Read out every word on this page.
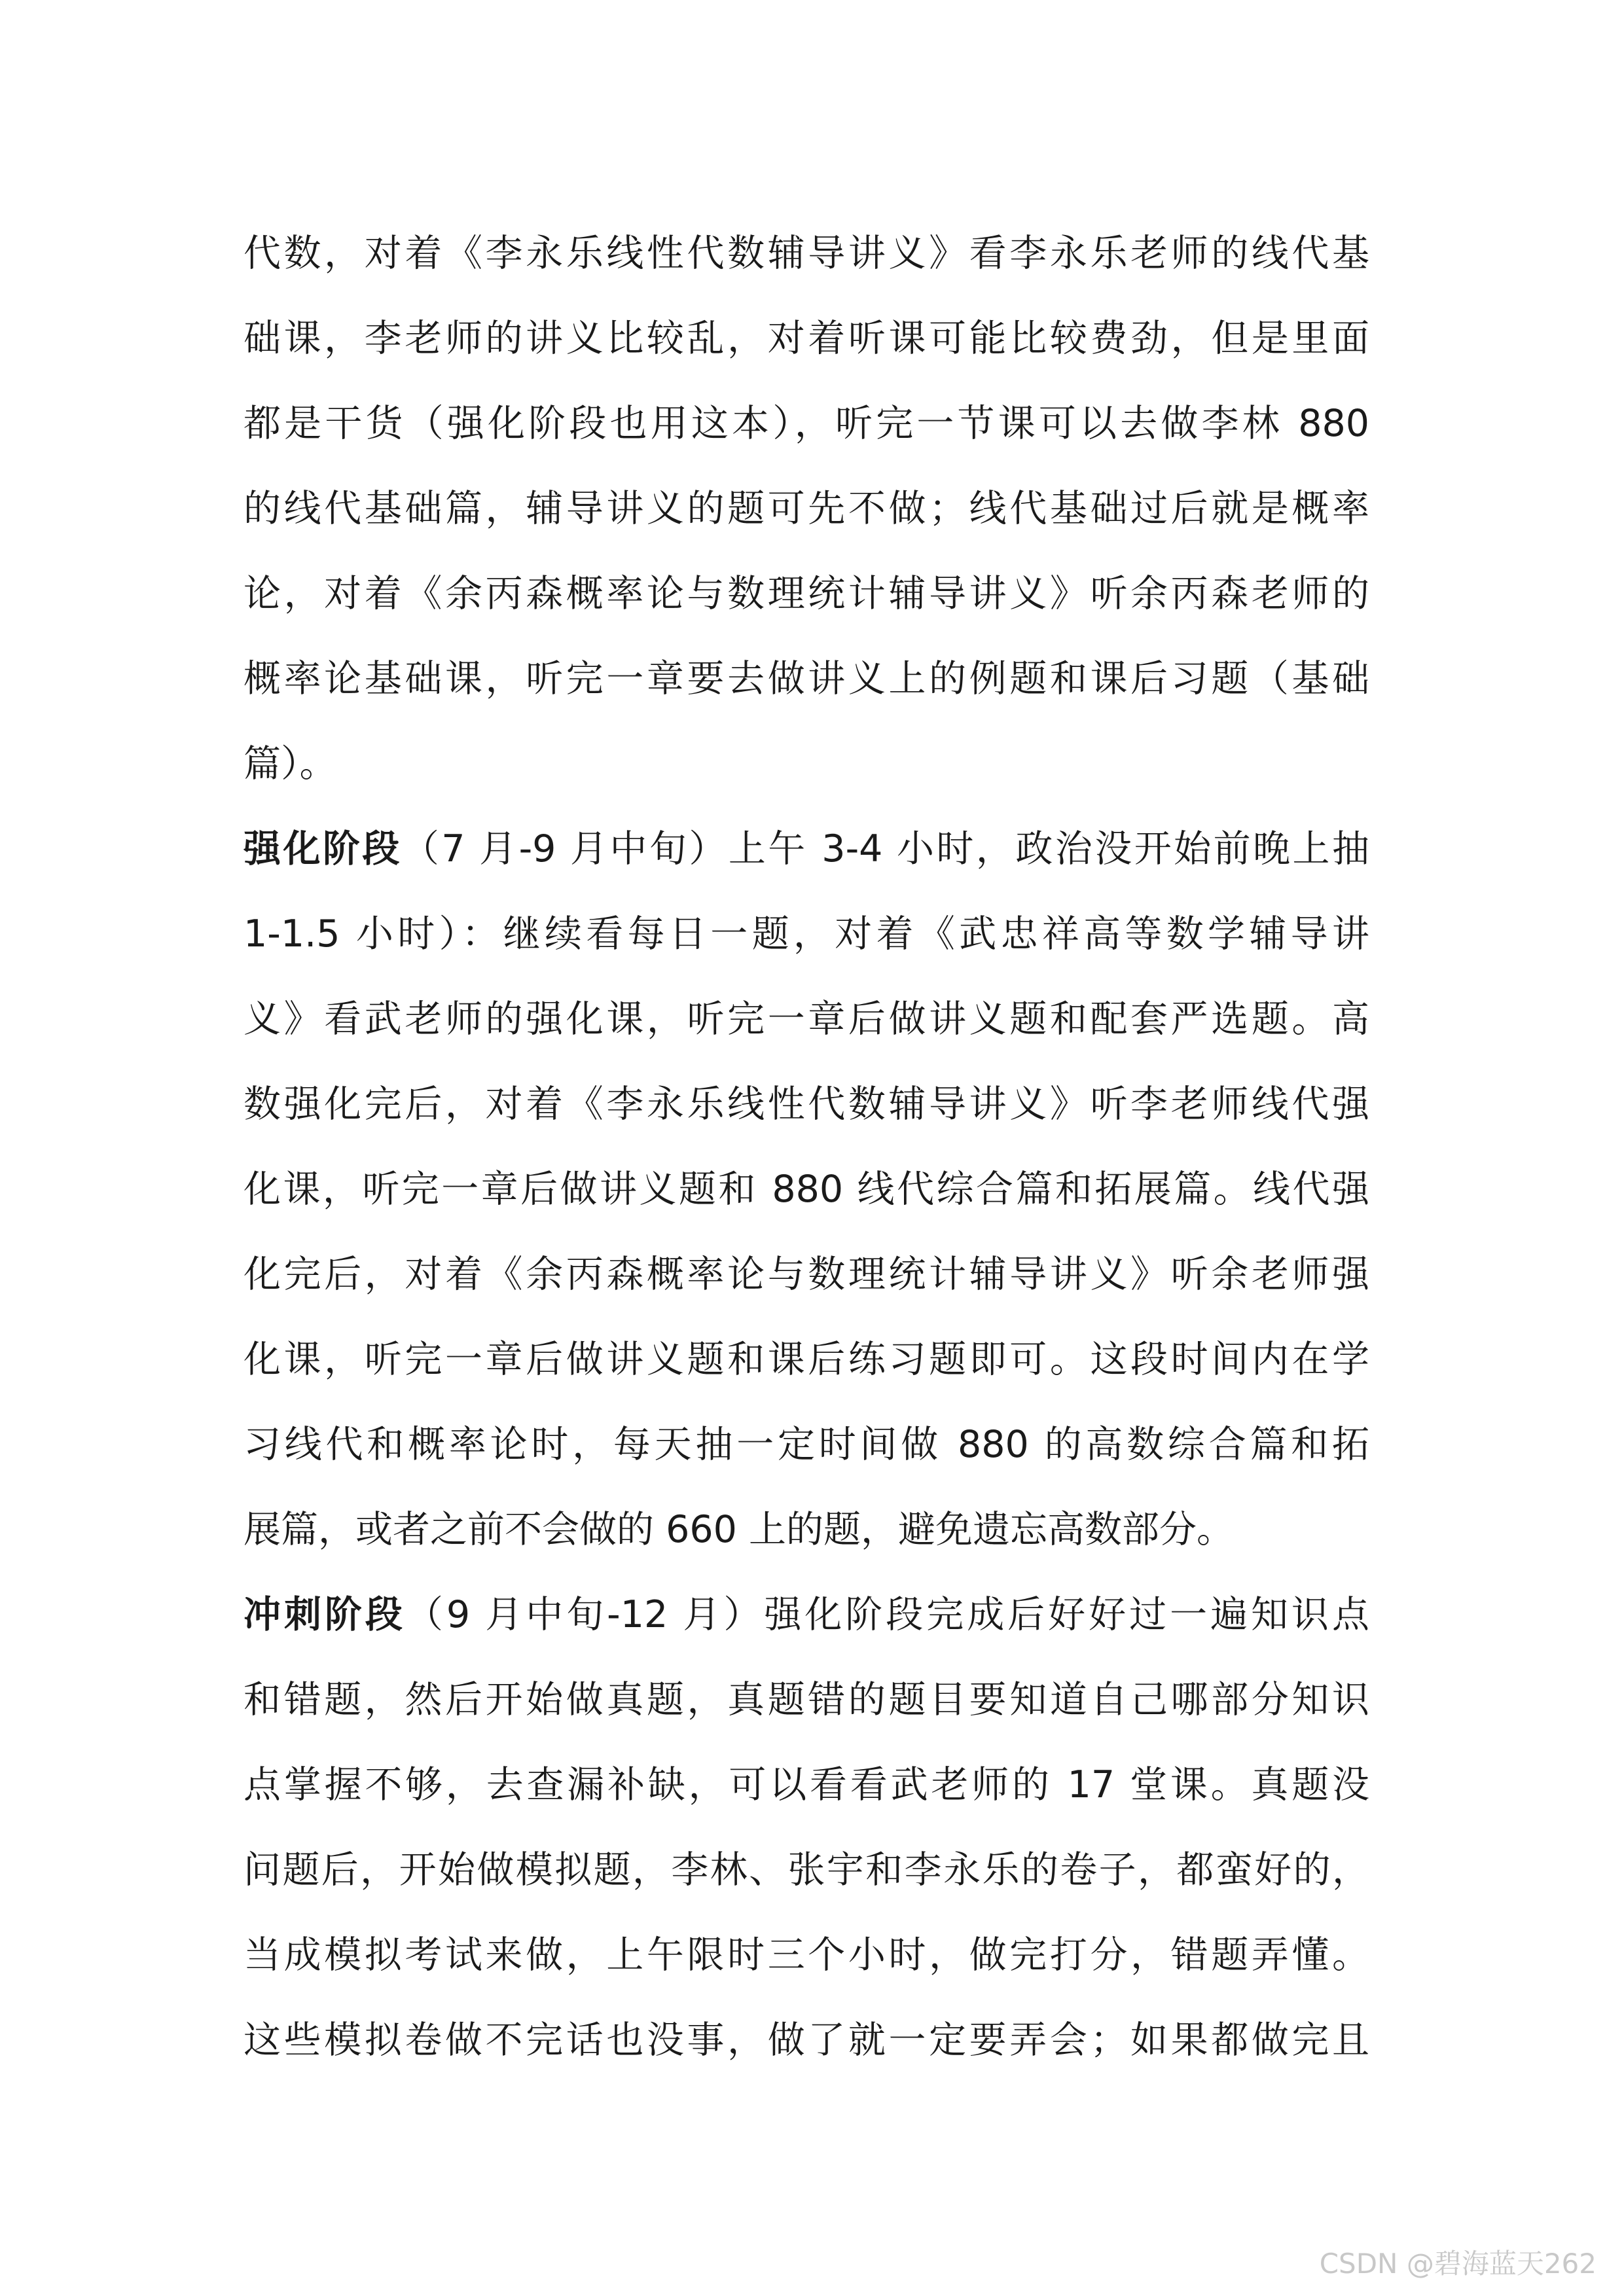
代数，对着《李永乐线性代数辅导讲义》看李永乐老师的线代基
础课，李老师的讲义比较乱，对着听课可能比较费劲，但是里面
都是干货（强化阶段也用这本），听完一节课可以去做李林 880
的线代基础篇，辅导讲义的题可先不做；线代基础过后就是概率
论，对着《余丙森概率论与数理统计辅导讲义》听余丙森老师的
概率论基础课，听完一章要去做讲义上的例题和课后习题（基础
篇）。
强化阶段（7 月-9 月中旬）上午 3-4 小时，政治没开始前晚上抽
1-1.5 小时）：继续看每日一题，对着《武忠祥高等数学辅导讲
义》看武老师的强化课，听完一章后做讲义题和配套严选题。高
数强化完后，对着《李永乐线性代数辅导讲义》听李老师线代强
化课，听完一章后做讲义题和 880 线代综合篇和拓展篇。线代强
化完后，对着《余丙森概率论与数理统计辅导讲义》听余老师强
化课，听完一章后做讲义题和课后练习题即可。这段时间内在学
习线代和概率论时，每天抽一定时间做 880 的高数综合篇和拓
展篇，或者之前不会做的 660 上的题，避免遗忘高数部分。
冲刺阶段（9 月中旬-12 月）强化阶段完成后好好过一遍知识点
和错题，然后开始做真题，真题错的题目要知道自己哪部分知识
点掌握不够，去查漏补缺，可以看看武老师的 17 堂课。真题没
问题后，开始做模拟题，李林、张宇和李永乐的卷子，都蛮好的，
当成模拟考试来做，上午限时三个小时，做完打分，错题弄懂。
这些模拟卷做不完话也没事，做了就一定要弄会；如果都做完且
CSDN @碧海蓝天262
